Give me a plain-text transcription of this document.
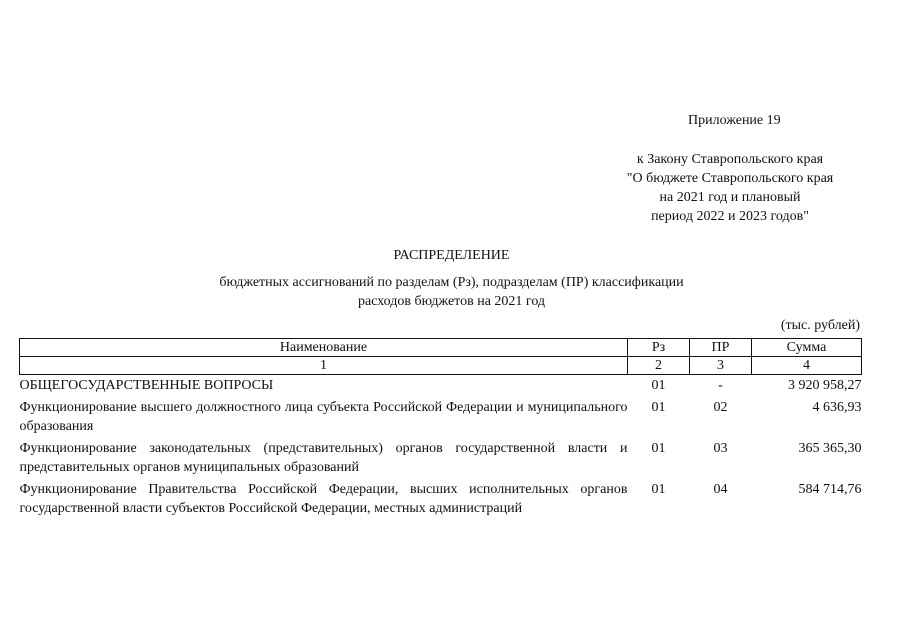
Приложение 19
к Закону Ставропольского края
"О бюджете Ставропольского края
на 2021 год и плановый
период 2022 и 2023 годов"
РАСПРЕДЕЛЕНИЕ
бюджетных ассигнований по разделам (Рз), подразделам (ПР) классификации
расходов бюджетов на 2021 год
(тыс. рублей)
Наименование	Рз	ПР	Сумма
1	2	3	4
ОБЩЕГОСУДАРСТВЕННЫЕ ВОПРОСЫ	01	-	3 920 958,27
Функционирование высшего должностного лица субъекта Российской Федерации и муниципального образования	01	02	4 636,93
Функционирование законодательных (представительных) органов государственной власти и представительных органов муниципальных образований	01	03	365 365,30
Функционирование Правительства Российской Федерации, высших исполнительных органов государственной власти субъектов Российской Федерации, местных администраций	01	04	584 714,76
